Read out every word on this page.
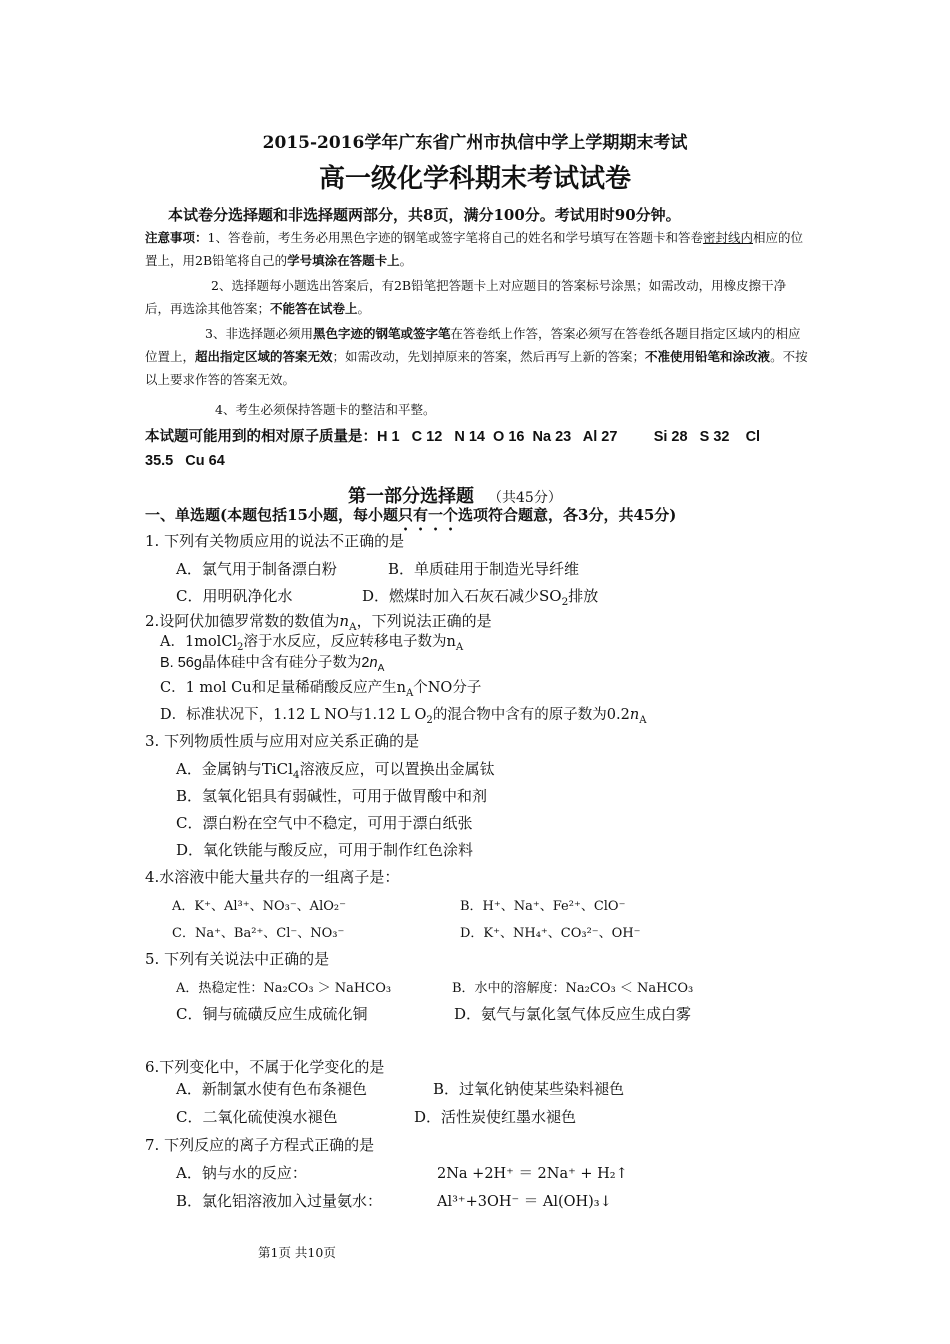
2015-2016学年广东省广州市执信中学上学期期末考试
高一级化学科期末考试试卷
本试卷分选择题和非选择题两部分，共8页，满分100分。考试用时90分钟。
注意事项：1、答卷前，考生务必用黑色字迹的钢笔或签字笔将自己的姓名和学号填写在答题卡和答卷密封线内相应的位置上，用2B铅笔将自己的学号填涂在答题卡上。
2、选择题每小题选出答案后，有2B铅笔把答题卡上对应题目的答案标号涂黑；如需改动，用橡皮擦干净后，再选涂其他答案；不能答在试卷上。
3、非选择题必须用黑色字迹的钢笔或签字笔在答卷纸上作答，答案必须写在答卷纸各题目指定区域内的相应位置上，超出指定区域的答案无效；如需改动，先划掉原来的答案，然后再写上新的答案；不准使用铅笔和涂改液。不按以上要求作答的答案无效。
4、考生必须保持答题卡的整洁和平整。
本试题可能用到的相对原子质量是：H 1   C 12   N 14  O 16  Na 23   Al 27         Si 28   S 32    Cl
35.5   Cu 64
第一部分选择题 （共45分）
一、单选题(本题包括15小题，每小题只有一个选项符合题意，各3分，共45分)
1. 下列有关物质应用的说法不正确的是
A．氯气用于制备漂白粉	B．单质硅用于制造光导纤维
C．用明矾净化水	D．燃煤时加入石灰石减少$SO_2$排放
2.设阿伏加德罗常数的数值为$n_A$，下列说法正确的是
A．1molCl$_2$溶于水反应，反应转移电子数为$n_A$
B. 56g晶体硅中含有硅分子数为$2n_A$
C．1 mol Cu和足量稀硝酸反应产生$n_A$个NO分子
D．标准状况下，1.12 L NO与1.12 L $O_2$的混合物中含有的原子数为$0.2n_A$
3. 下列物质性质与应用对应关系正确的是
A．金属钠与TiCl$_4$溶液反应，可以置换出金属钛
B．氢氧化铝具有弱碱性，可用于做胃酸中和剂
C．漂白粉在空气中不稳定，可用于漂白纸张
D．氧化铁能与酸反应，可用于制作红色涂料
4.水溶液中能大量共存的一组离子是：
A．K⁺、Al³⁺、NO₃⁻、AlO₂⁻	B．H⁺、Na⁺、Fe²⁺、ClO⁻
C．Na⁺、Ba²⁺、Cl⁻、NO₃⁻	D．K⁺、NH₄⁺、CO₃²⁻、OH⁻
5. 下列有关说法中正确的是
A．热稳定性：Na₂CO₃ ＞ NaHCO₃	B．水中的溶解度：Na₂CO₃ ＜ NaHCO₃
C．铜与硫磺反应生成硫化铜	D．氨气与氯化氢气体反应生成白雾
6.下列变化中，不属于化学变化的是
A．新制氯水使有色布条褪色	B．过氧化钠使某些染料褪色
C．二氧化硫使溴水褪色	D．活性炭使红墨水褪色
7. 下列反应的离子方程式正确的是
A．钠与水的反应：	2Na +2H⁺ ＝ 2Na⁺ + H₂↑
B．氯化铝溶液加入过量氨水：	Al³⁺+3OH⁻ ＝ Al(OH)₃↓
第1页 共10页
